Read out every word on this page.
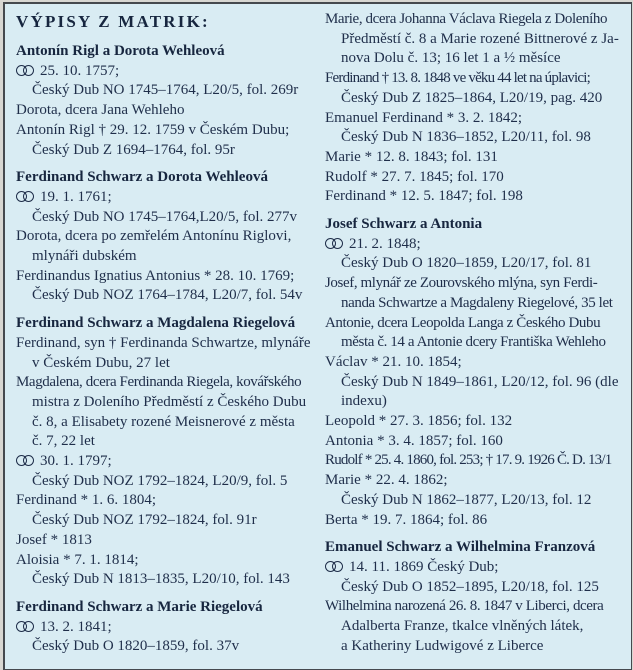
VÝPISY Z MATRIK:
Antonín Rigl a Dorota Wehleová
25. 10. 1757;
Český Dub NO 1745–1764, L20/5, fol. 269r
Dorota, dcera Jana Wehleho
Antonín Rigl † 29. 12. 1759 v Českém Dubu;
Český Dub Z 1694–1764, fol. 95r
Ferdinand Schwarz a Dorota Wehleová
19. 1. 1761;
Český Dub NO 1745–1764,L20/5, fol. 277v
Dorota, dcera po zemřelém Antonínu Riglovi,
mlynáři dubském
Ferdinandus Ignatius Antonius * 28. 10. 1769;
Český Dub NOZ 1764–1784, L20/7, fol. 54v
Ferdinand Schwarz a Magdalena Riegelová
Ferdinand, syn † Ferdinanda Schwartze, mlynáře
v Českém Dubu, 27 let
Magdalena, dcera Ferdinanda Riegela, kovářského
mistra z Doleního Předměstí z Českého Dubu
č. 8, a Elisabety rozené Meisnerové z města
č. 7, 22 let
30. 1. 1797;
Český Dub NOZ 1792–1824, L20/9, fol. 5
Ferdinand * 1. 6. 1804;
Český Dub NOZ 1792–1824, fol. 91r
Josef * 1813
Aloisia * 7. 1. 1814;
Český Dub N 1813–1835, L20/10, fol. 143
Ferdinand Schwarz a Marie Riegelová
13. 2. 1841;
Český Dub O 1820–1859, fol. 37v
Marie, dcera Johanna Václava Riegela z Doleního
Předměstí č. 8 a Marie rozené Bittnerové z Ja-
nova Dolu č. 13; 16 let 1 a ½ měsíce
Ferdinand † 13. 8. 1848 ve věku 44 let na úplavici;
Český Dub Z 1825–1864, L20/19, pag. 420
Emanuel Ferdinand * 3. 2. 1842;
Český Dub N 1836–1852, L20/11, fol. 98
Marie * 12. 8. 1843; fol. 131
Rudolf * 27. 7. 1845; fol. 170
Ferdinand * 12. 5. 1847; fol. 198
Josef Schwarz a Antonia
21. 2. 1848;
Český Dub O 1820–1859, L20/17, fol. 81
Josef, mlynář ze Zourovského mlýna, syn Ferdi-
nanda Schwartze a Magdaleny Riegelové, 35 let
Antonie, dcera Leopolda Langa z Českého Dubu
města č. 14 a Antonie dcery Františka Wehleho
Václav * 21. 10. 1854;
Český Dub N 1849–1861, L20/12, fol. 96 (dle
indexu)
Leopold * 27. 3. 1856; fol. 132
Antonia * 3. 4. 1857; fol. 160
Rudolf * 25. 4. 1860, fol. 253; † 17. 9. 1926 Č. D. 13/1
Marie * 22. 4. 1862;
Český Dub N 1862–1877, L20/13, fol. 12
Berta * 19. 7. 1864; fol. 86
Emanuel Schwarz a Wilhelmina Franzová
14. 11. 1869 Český Dub;
Český Dub O 1852–1895, L20/18, fol. 125
Wilhelmina narozená 26. 8. 1847 v Liberci, dcera
Adalberta Franze, tkalce vlněných látek,
a Katheriny Ludwigové z Liberce
